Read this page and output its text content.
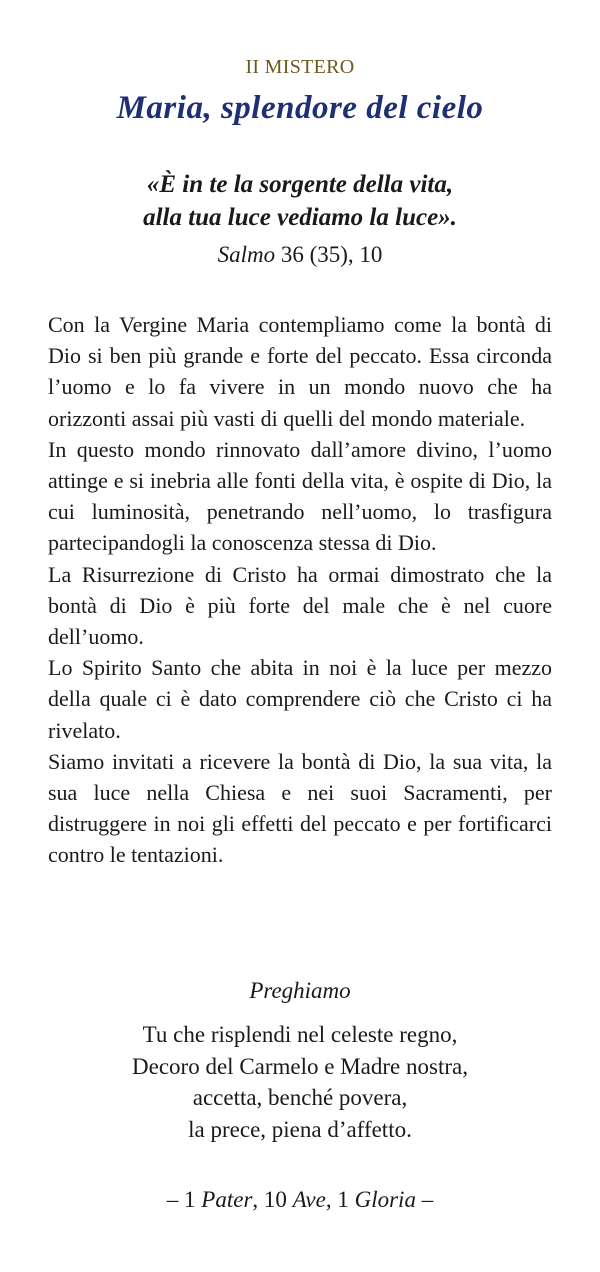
II MISTERO
Maria, splendore del cielo
«È in te la sorgente della vita,
alla tua luce vediamo la luce».
Salmo 36 (35), 10

Con la Vergine Maria contempliamo come la bontà di Dio si ben più grande e forte del peccato. Essa circonda l’uomo e lo fa vivere in un mondo nuovo che ha orizzonti assai più vasti di quelli del mondo materiale.

In questo mondo rinnovato dall’amore divino, l’uomo attinge e si inebria alle fonti della vita, è ospite di Dio, la cui luminosità, penetrando nell’uomo, lo trasfigura partecipandogli la conoscenza stessa di Dio.

La Risurrezione di Cristo ha ormai dimostrato che la bontà di Dio è più forte del male che è nel cuore dell’uomo.

Lo Spirito Santo che abita in noi è la luce per mezzo della quale ci è dato comprendere ciò che Cristo ci ha rivelato.

Siamo invitati a ricevere la bontà di Dio, la sua vita, la sua luce nella Chiesa e nei suoi Sacramenti, per distruggere in noi gli effetti del peccato e per fortificarci contro le tentazioni.

Preghiamo
Tu che risplendi nel celeste regno,
Decoro del Carmelo e Madre nostra,
accetta, benché povera,
la prece, piena d’affetto.
– 1 Pater, 10 Ave, 1 Gloria –
